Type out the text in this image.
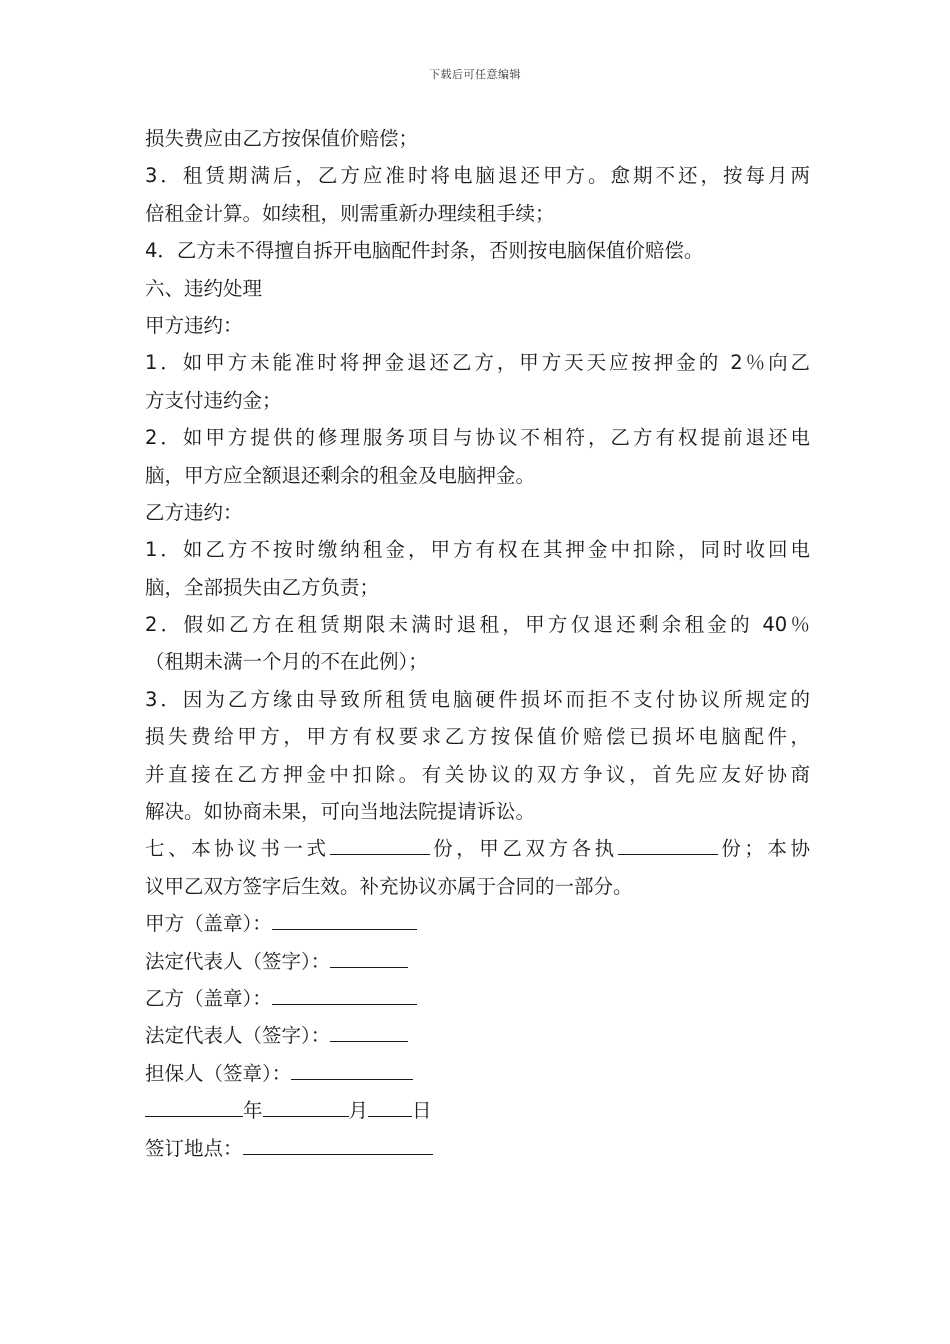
下载后可任意编辑
损失费应由乙方按保值价赔偿；
3．租赁期满后，乙方应准时将电脑退还甲方。愈期不还，按每月两
倍租金计算。如续租，则需重新办理续租手续；
4．乙方未不得擅自拆开电脑配件封条，否则按电脑保值价赔偿。
六、违约处理
甲方违约：
1．如甲方未能准时将押金退还乙方，甲方天天应按押金的 2％向乙
方支付违约金；
2．如甲方提供的修理服务项目与协议不相符，乙方有权提前退还电
脑，甲方应全额退还剩余的租金及电脑押金。
乙方违约：
1．如乙方不按时缴纳租金，甲方有权在其押金中扣除，同时收回电
脑，全部损失由乙方负责；
2．假如乙方在租赁期限未满时退租，甲方仅退还剩余租金的 40％
（租期未满一个月的不在此例）；
3．因为乙方缘由导致所租赁电脑硬件损坏而拒不支付协议所规定的
损失费给甲方，甲方有权要求乙方按保值价赔偿已损坏电脑配件，
并直接在乙方押金中扣除。有关协议的双方争议，首先应友好协商
解决。如协商未果，可向当地法院提请诉讼。
七、本协议书一式	份，甲乙双方各执	份；本协
议甲乙双方签字后生效。补充协议亦属于合同的一部分。
甲方（盖章）：
法定代表人（签字）：
乙方（盖章）：
法定代表人（签字）：
担保人（签章）：
年	月 日
签订地点：
